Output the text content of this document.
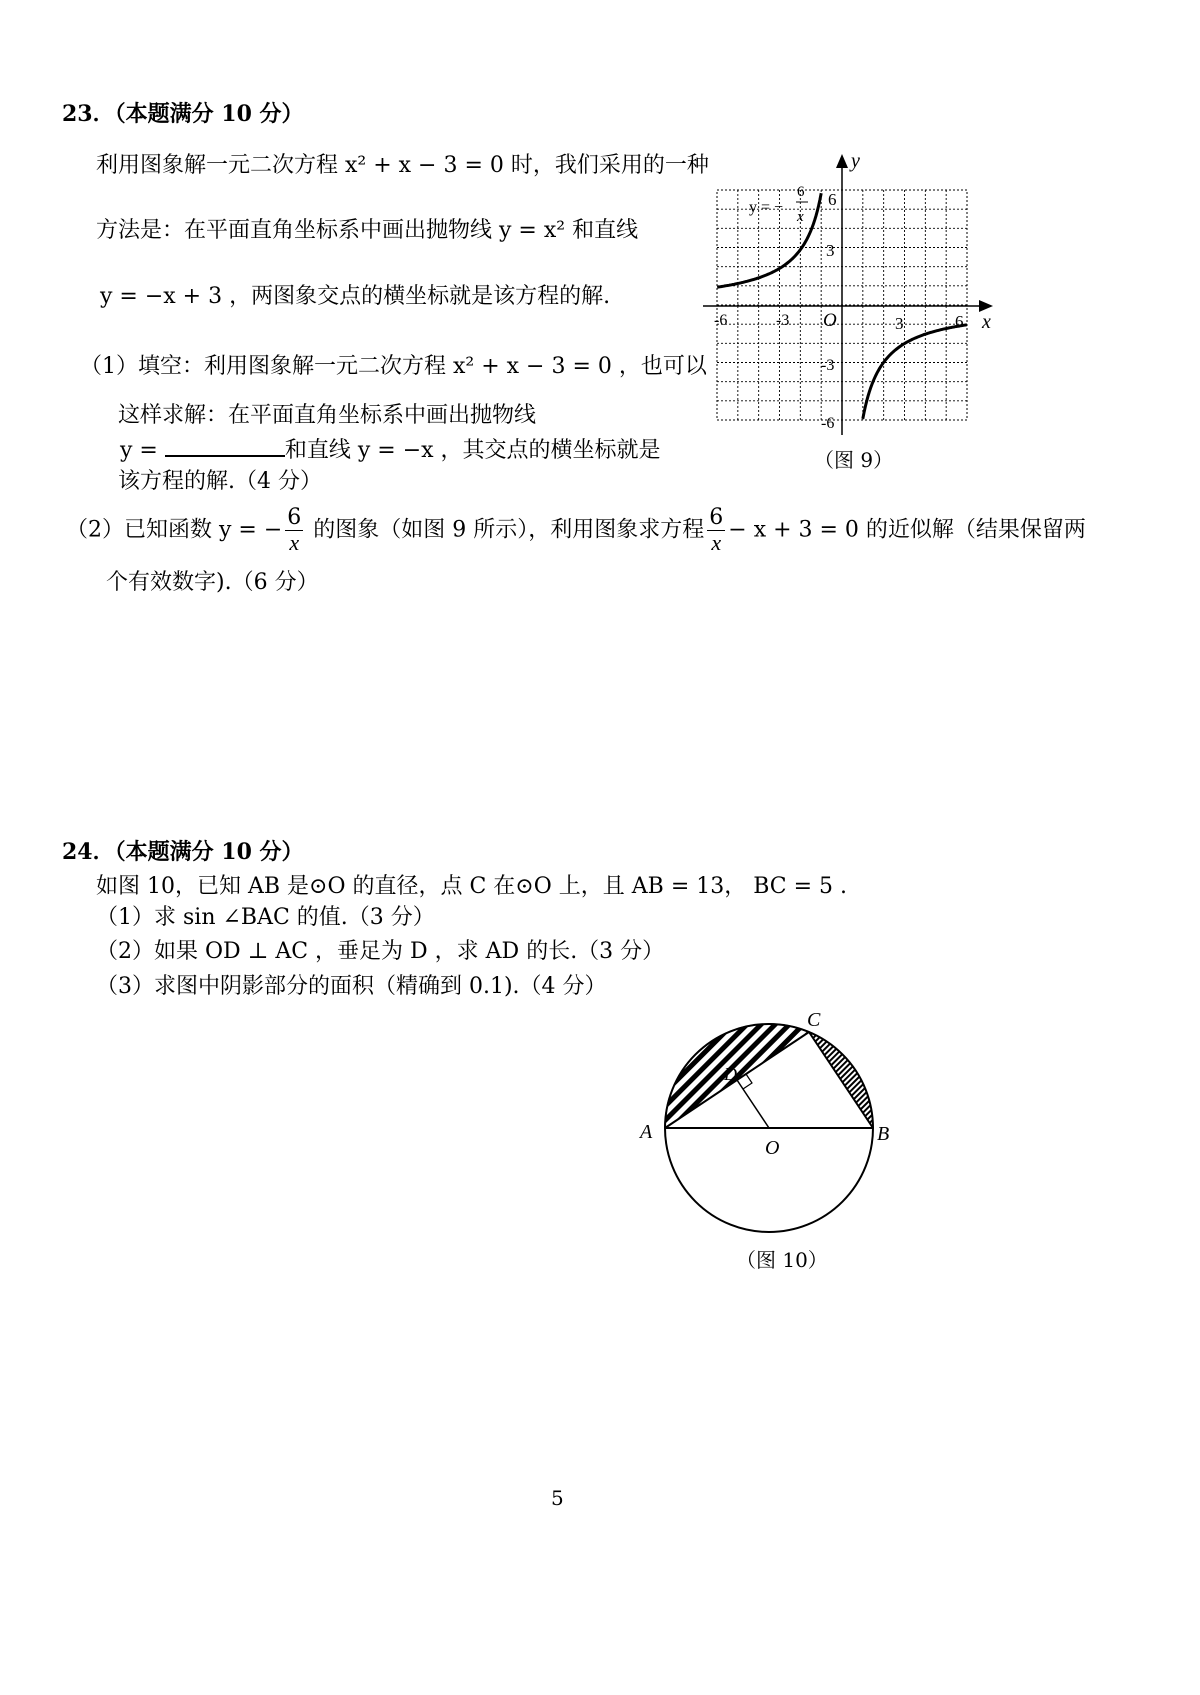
23．（本题满分 10 分）
利用图象解一元二次方程 x² + x − 3 = 0 时，我们采用的一种
方法是：在平面直角坐标系中画出抛物线 y = x² 和直线
y = −x + 3 ，两图象交点的横坐标就是该方程的解.
（1）填空：利用图象解一元二次方程 x² + x − 3 = 0 ，也可以
这样求解：在平面直角坐标系中画出抛物线
y =	和直线 y = −x ，其交点的横坐标就是
该方程的解.（4 分）
（2）已知函数 y = − $\frac{6}{x}$ 的图象（如图 9 所示），利用图象求方程 $\frac{6}{x} - x + 3 = 0$ 的近似解（结果保留两
个有效数字).（6 分）
x
y
O
-6	-3	3	6
6
3
-3
-6
y = −
6
x
（图 9）
24．（本题满分 10 分）
如图 10，已知 AB 是⊙O 的直径，点 C 在⊙O 上，且 AB = 13， BC = 5 .
（1）求 sin ∠BAC 的值.（3 分）
（2）如果 OD ⊥ AC ，垂足为 D ，求 AD 的长.（3 分）
（3）求图中阴影部分的面积（精确到 0.1).（4 分）
A	B
C
D
O
（图 10）
5
